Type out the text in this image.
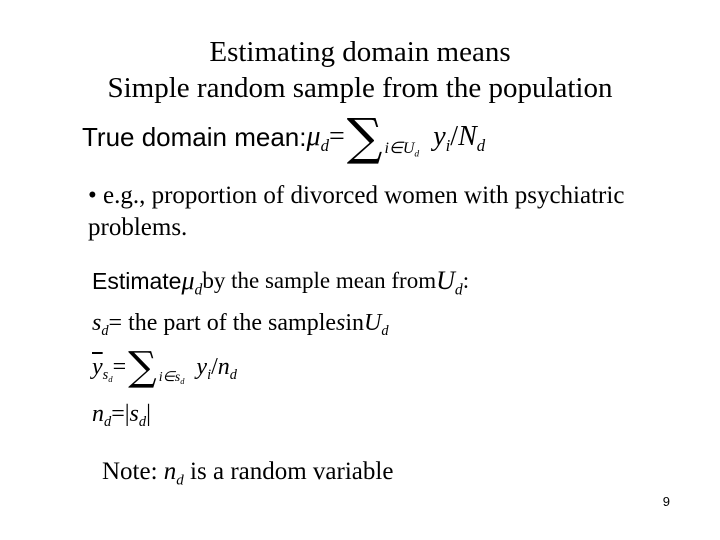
Estimating domain means
Simple random sample from the population
True domain mean : $\mu_d$ = ∑ $i\in U_d$
$y_i / N_d$
• e.g., proportion of divorced women with psychiatric problems.
Estimate $\mu_d$ by the sample mean from $U_d$ :
$s_d$ = the part of the sample s in $U_d$
$\overline{y}_{s_d}$ = ∑ $i\in s_d$
$y_i / n_d$
$n_d$ =| $s_d$ |
Note: $n_d$ is a random variable
9
